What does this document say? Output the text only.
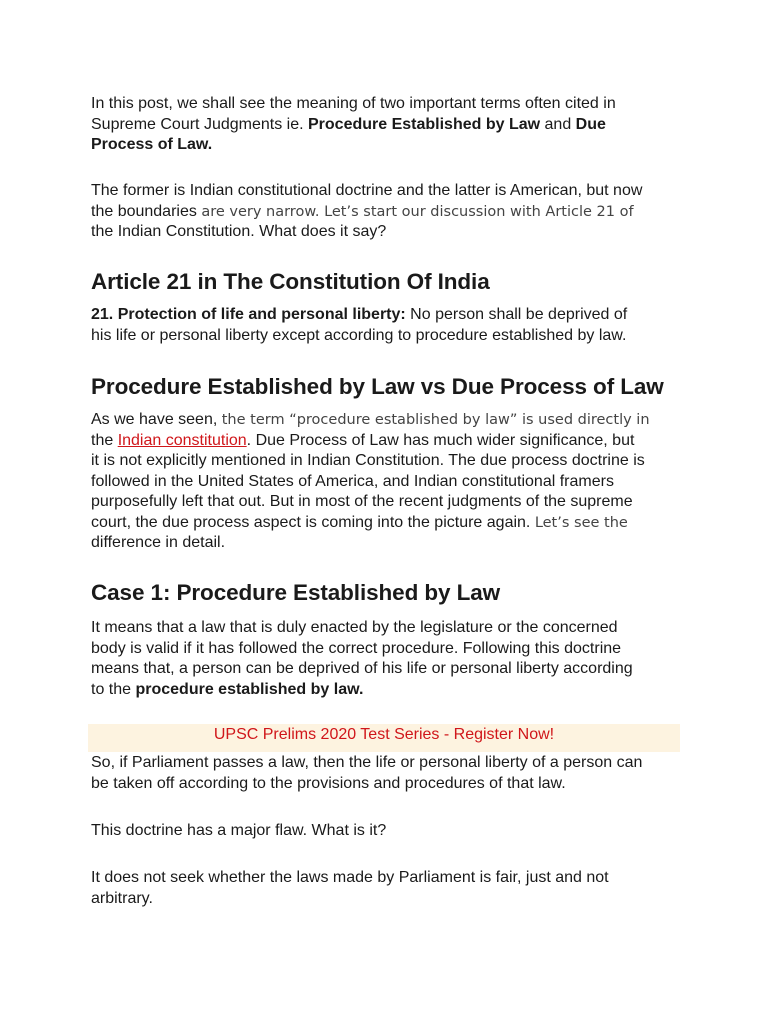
In this post, we shall see the meaning of two important terms often cited in

Supreme Court Judgments ie. Procedure Established by Law and Due

Process of Law.

The former is Indian constitutional doctrine and the latter is American, but now

the boundaries are very narrow. Let’s start our discussion with Article 21 of

the Indian Constitution. What does it say?

Article 21 in The Constitution Of India

21. Protection of life and personal liberty: No person shall be deprived of

his life or personal liberty except according to procedure established by law.

Procedure Established by Law vs Due Process of Law

As we have seen, the term “procedure established by law” is used directly in

the Indian constitution. Due Process of Law has much wider significance, but

it is not explicitly mentioned in Indian Constitution. The due process doctrine is

followed in the United States of America, and Indian constitutional framers

purposefully left that out. But in most of the recent judgments of the supreme

court, the due process aspect is coming into the picture again. Let’s see the

difference in detail.

Case 1: Procedure Established by Law

It means that a law that is duly enacted by the legislature or the concerned

body is valid if it has followed the correct procedure. Following this doctrine

means that, a person can be deprived of his life or personal liberty according

to the procedure established by law.

UPSC Prelims 2020 Test Series - Register Now!

So, if Parliament passes a law, then the life or personal liberty of a person can

be taken off according to the provisions and procedures of that law.

This doctrine has a major flaw. What is it?

It does not seek whether the laws made by Parliament is fair, just and not

arbitrary.
